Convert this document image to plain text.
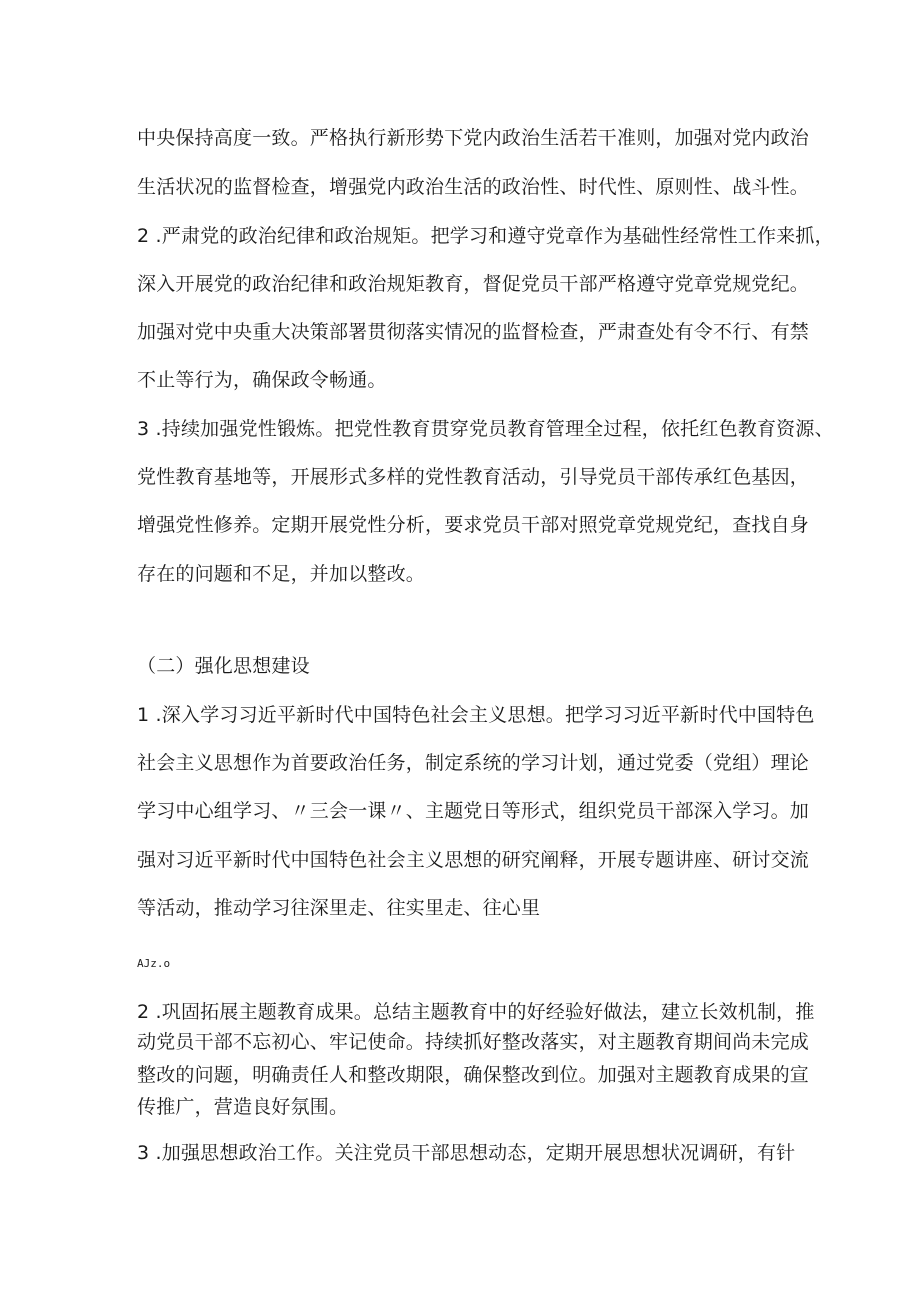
中央保持高度一致。严格执行新形势下党内政治生活若干准则，加强对党内政治
生活状况的监督检查，增强党内政治生活的政治性、时代性、原则性、战斗性。
2 .严肃党的政治纪律和政治规矩。把学习和遵守党章作为基础性经常性工作来抓，
深入开展党的政治纪律和政治规矩教育，督促党员干部严格遵守党章党规党纪。
加强对党中央重大决策部署贯彻落实情况的监督检查，严肃查处有令不行、有禁
不止等行为，确保政令畅通。
3 .持续加强党性锻炼。把党性教育贯穿党员教育管理全过程，依托红色教育资源、
党性教育基地等，开展形式多样的党性教育活动，引导党员干部传承红色基因，
增强党性修养。定期开展党性分析，要求党员干部对照党章党规党纪，查找自身
存在的问题和不足，并加以整改。
（二）强化思想建设
1 .深入学习习近平新时代中国特色社会主义思想。把学习习近平新时代中国特色
社会主义思想作为首要政治任务，制定系统的学习计划，通过党委（党组）理论
学习中心组学习、〃三会一课〃、主题党日等形式，组织党员干部深入学习。加
强对习近平新时代中国特色社会主义思想的研究阐释，开展专题讲座、研讨交流
等活动，推动学习往深里走、往实里走、往心里
AJz.o
2 .巩固拓展主题教育成果。总结主题教育中的好经验好做法，建立长效机制，推
动党员干部不忘初心、牢记使命。持续抓好整改落实，对主题教育期间尚未完成
整改的问题，明确责任人和整改期限，确保整改到位。加强对主题教育成果的宣
传推广，营造良好氛围。
3 .加强思想政治工作。关注党员干部思想动态，定期开展思想状况调研，有针
